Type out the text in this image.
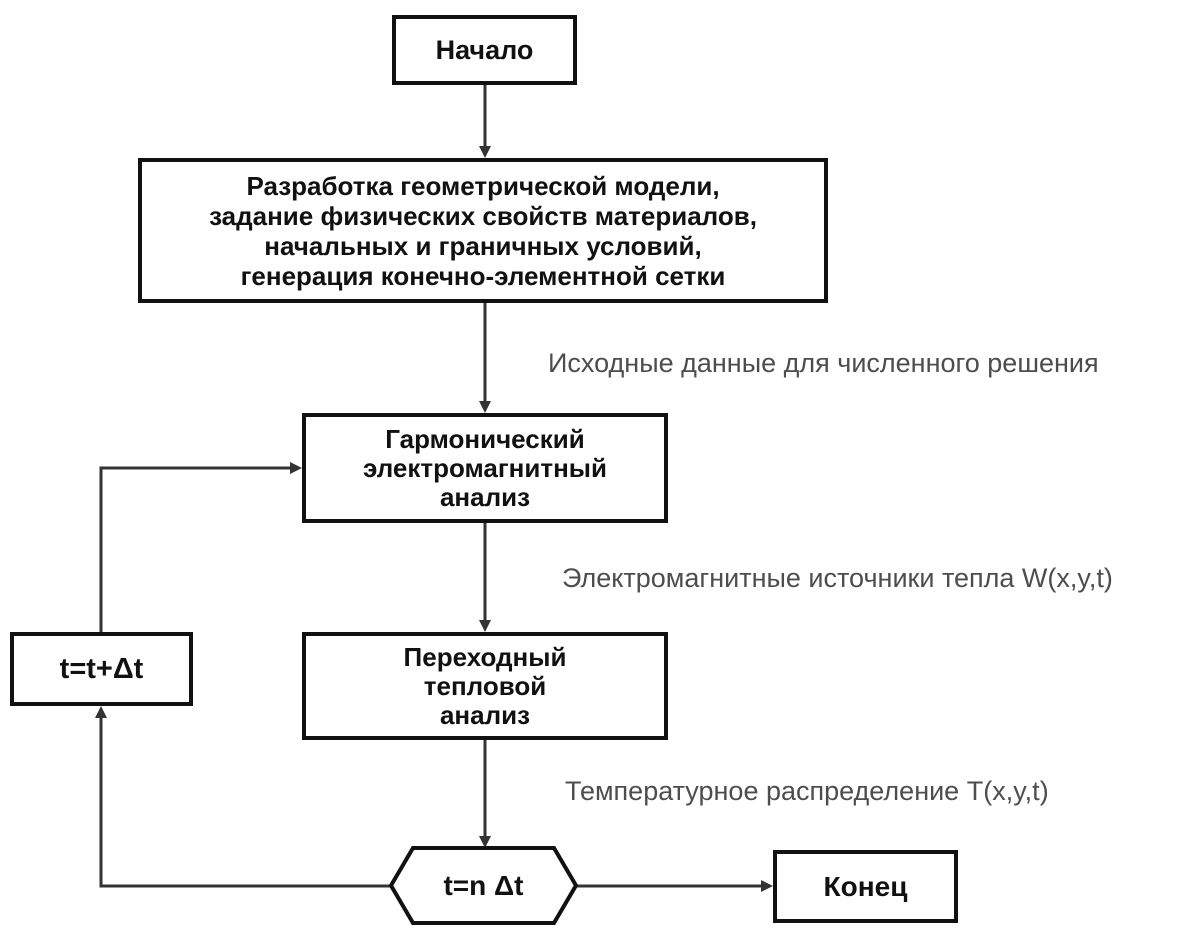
Начало
Разработка геометрической модели,
задание физических свойств материалов,
начальных и граничных условий,
генерация конечно-элементной сетки
Гармонический
электромагнитный
анализ
Переходный
тепловой
анализ
t=t+Δt
t=n Δt	Конец
Исходные данные для численного решения
Электромагнитные источники тепла W(x,y,t)
Температурное распределение T(x,y,t)
